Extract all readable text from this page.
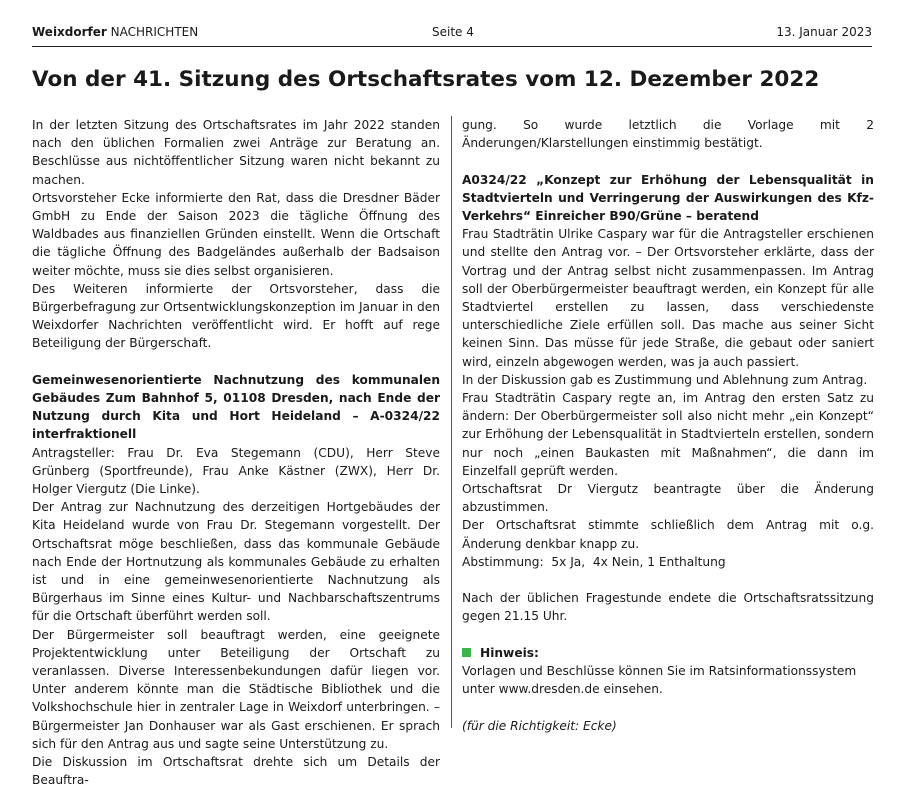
Weixdorfer NACHRICHTEN	Seite 4	13. Januar 2023
Von der 41. Sitzung des Ortschaftsrates vom 12. Dezember 2022

In der letzten Sitzung des Ortschaftsrates im Jahr 2022 standen nach den üblichen Formalien zwei Anträge zur Beratung an. Beschlüsse aus nichtöffentlicher Sitzung waren nicht bekannt zu machen.

Ortsvorsteher Ecke informierte den Rat, dass die Dresdner Bäder GmbH zu Ende der Saison 2023 die tägliche Öffnung des Waldbades aus finanziellen Gründen einstellt. Wenn die Ortschaft die tägliche Öffnung des Badgeländes außerhalb der Badsaison weiter möchte, muss sie dies selbst organisieren.

Des Weiteren informierte der Ortsvorsteher, dass die Bürgerbefragung zur Ortsentwicklungskonzeption im Januar in den Weixdorfer Nachrichten veröffentlicht wird. Er hofft auf rege Beteiligung der Bürgerschaft.

Gemeinwesenorientierte Nachnutzung des kommunalen Gebäudes Zum Bahnhof 5, 01108 Dresden, nach Ende der Nutzung durch Kita und Hort Heideland – A-0324/22 interfraktionell

Antragsteller: Frau Dr. Eva Stegemann (CDU), Herr Steve Grünberg (Sportfreunde), Frau Anke Kästner (ZWX), Herr Dr. Holger Viergutz (Die Linke).

Der Antrag zur Nachnutzung des derzeitigen Hortgebäudes der Kita Heideland wurde von Frau Dr. Stegemann vorgestellt. Der Ortschaftsrat möge beschließen, dass das kommunale Gebäude nach Ende der Hortnutzung als kommunales Gebäude zu erhalten ist und in eine gemeinwesenorientierte Nachnutzung als Bürgerhaus im Sinne eines Kultur- und Nachbarschaftszentrums für die Ortschaft überführt werden soll.

Der Bürgermeister soll beauftragt werden, eine geeignete Projektentwicklung unter Beteiligung der Ortschaft zu veranlassen. Diverse Interessenbekundungen dafür liegen vor. Unter anderem könnte man die Städtische Bibliothek und die Volkshochschule hier in zentraler Lage in Weixdorf unterbringen. – Bürgermeister Jan Donhauser war als Gast erschienen. Er sprach sich für den Antrag aus und sagte seine Unterstützung zu.

Die Diskussion im Ortschaftsrat drehte sich um Details der Beauftra-

gung. So wurde letztlich die Vorlage mit 2 Änderungen/Klarstellungen einstimmig bestätigt.

A0324/22 „Konzept zur Erhöhung der Lebensqualität in Stadtvierteln und Verringerung der Auswirkungen des Kfz-Verkehrs“ Einreicher B90/Grüne – beratend

Frau Stadträtin Ulrike Caspary war für die Antragsteller erschienen und stellte den Antrag vor. – Der Ortsvorsteher erklärte, dass der Vortrag und der Antrag selbst nicht zusammenpassen. Im Antrag soll der Oberbürgermeister beauftragt werden, ein Konzept für alle Stadtviertel erstellen zu lassen, dass verschiedenste unterschiedliche Ziele erfüllen soll. Das mache aus seiner Sicht keinen Sinn. Das müsse für jede Straße, die gebaut oder saniert wird, einzeln abgewogen werden, was ja auch passiert.

In der Diskussion gab es Zustimmung und Ablehnung zum Antrag.

Frau Stadträtin Caspary regte an, im Antrag den ersten Satz zu ändern: Der Oberbürgermeister soll also nicht mehr „ein Konzept“ zur Erhöhung der Lebensqualität in Stadtvierteln erstellen, sondern nur noch „einen Baukasten mit Maßnahmen“, die dann im Einzelfall geprüft werden.

Ortschaftsrat Dr Viergutz beantragte über die Änderung abzustimmen.

Der Ortschaftsrat stimmte schließlich dem Antrag mit o.g. Änderung denkbar knapp zu.

Abstimmung:  5x Ja,  4x Nein, 1 Enthaltung

Nach der üblichen Fragestunde endete die Ortschaftsratssitzung gegen 21.15 Uhr.

Hinweis:

Vorlagen und Beschlüsse können Sie im Ratsinformationssystem unter www.dresden.de einsehen.

(für die Richtigkeit: Ecke)
